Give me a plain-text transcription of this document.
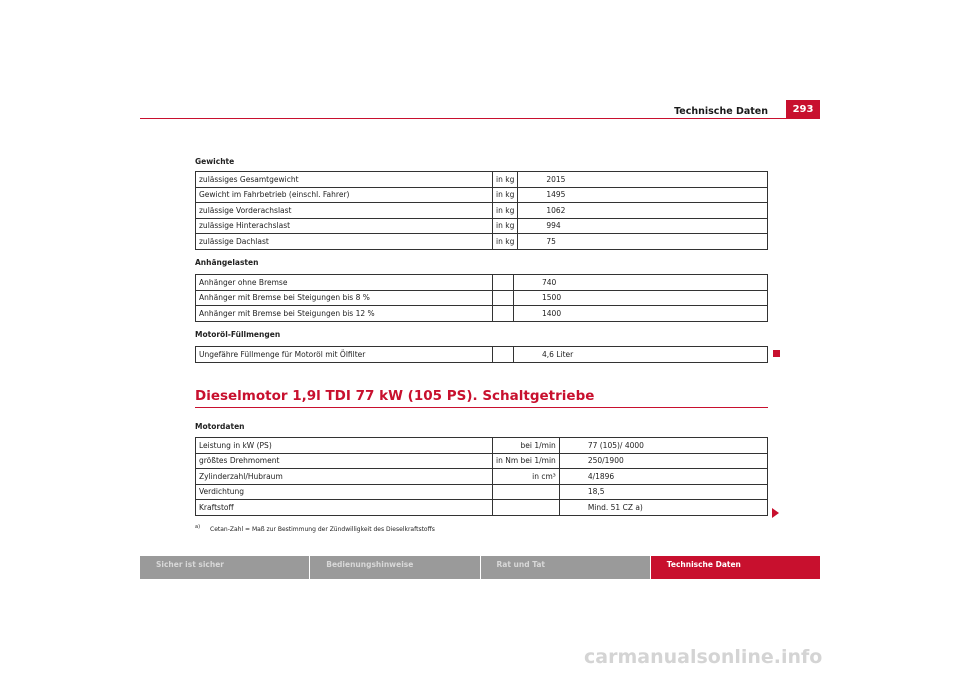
Technische Daten	293
Gewichte
zulässiges Gesamtgewicht	in kg	2015
Gewicht im Fahrbetrieb (einschl. Fahrer)	in kg	1495
zulässige Vorderachslast	in kg	1062
zulässige Hinterachslast	in kg	994
zulässige Dachlast	in kg	75
Anhängelasten
Anhänger ohne Bremse		740
Anhänger mit Bremse bei Steigungen bis 8 %		1500
Anhänger mit Bremse bei Steigungen bis 12 %		1400
Motoröl-Füllmengen
Ungefähre Füllmenge für Motoröl mit Ölfilter		4,6 Liter
Dieselmotor 1,9l TDI 77 kW (105 PS). Schaltgetriebe
Motordaten
Leistung in kW (PS)	bei 1/min	77 (105)/ 4000
größtes Drehmoment	in Nm bei 1/min	250/1900
Zylinderzahl/Hubraum	in cm³	4/1896
Verdichtung		18,5
Kraftstoff		Mind. 51 CZ a)
$^{a)}$ Cetan-Zahl = Maß zur Bestimmung der Zündwilligkeit des Dieselkraftstoffs
Sicher ist sicher	Bedienungshinweise	Rat und Tat	Technische Daten
carmanualsonline.info
